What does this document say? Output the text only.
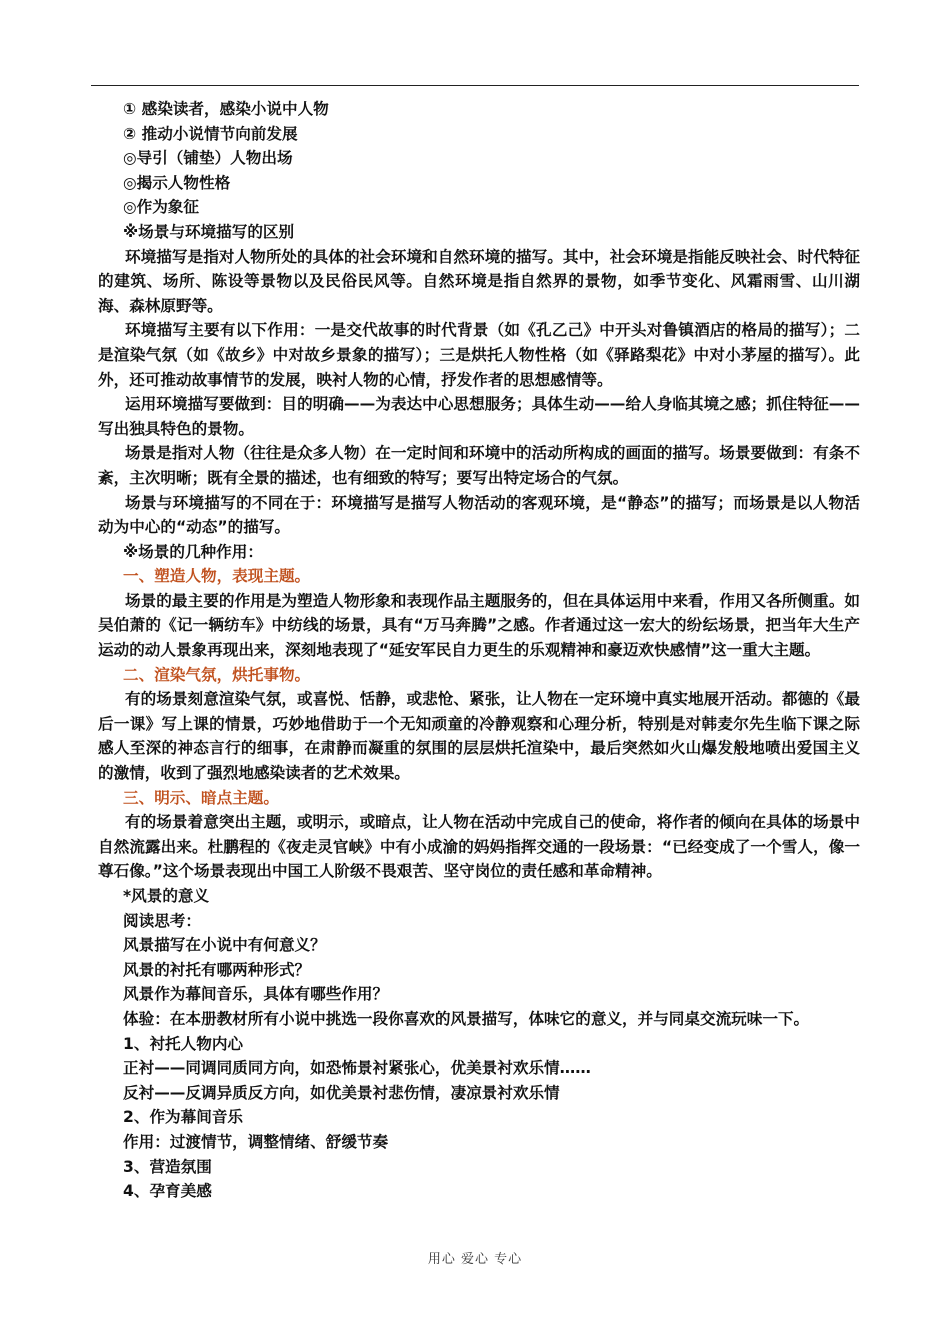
① 感染读者，感染小说中人物

② 推动小说情节向前发展

◎导引（铺垫）人物出场

◎揭示人物性格

◎作为象征

※场景与环境描写的区别

环境描写是指对人物所处的具体的社会环境和自然环境的描写。其中，社会环境是指能反映社会、时代特征的建筑、场所、陈设等景物以及民俗民风等。自然环境是指自然界的景物，如季节变化、风霜雨雪、山川湖海、森林原野等。

环境描写主要有以下作用：一是交代故事的时代背景（如《孔乙己》中开头对鲁镇酒店的格局的描写）；二是渲染气氛（如《故乡》中对故乡景象的描写）；三是烘托人物性格（如《驿路梨花》中对小茅屋的描写）。此外，还可推动故事情节的发展，映衬人物的心情，抒发作者的思想感情等。

运用环境描写要做到：目的明确——为表达中心思想服务；具体生动——给人身临其境之感；抓住特征——写出独具特色的景物。

场景是指对人物（往往是众多人物）在一定时间和环境中的活动所构成的画面的描写。场景要做到：有条不紊，主次明晰；既有全景的描述，也有细致的特写；要写出特定场合的气氛。

场景与环境描写的不同在于：环境描写是描写人物活动的客观环境，是“静态”的描写；而场景是以人物活动为中心的“动态”的描写。

※场景的几种作用：

一、塑造人物，表现主题。

场景的最主要的作用是为塑造人物形象和表现作品主题服务的，但在具体运用中来看，作用又各所侧重。如吴伯萧的《记一辆纺车》中纺线的场景，具有“万马奔腾”之感。作者通过这一宏大的纷纭场景，把当年大生产运动的动人景象再现出来，深刻地表现了“延安军民自力更生的乐观精神和豪迈欢快感情”这一重大主题。

二、渲染气氛，烘托事物。

有的场景刻意渲染气氛，或喜悦、恬静，或悲怆、紧张，让人物在一定环境中真实地展开活动。都德的《最后一课》写上课的情景，巧妙地借助于一个无知顽童的冷静观察和心理分析，特别是对韩麦尔先生临下课之际感人至深的神态言行的细事，在肃静而凝重的氛围的层层烘托渲染中，最后突然如火山爆发般地喷出爱国主义的激情，收到了强烈地感染读者的艺术效果。

三、明示、暗点主题。

有的场景着意突出主题，或明示，或暗点，让人物在活动中完成自己的使命，将作者的倾向在具体的场景中自然流露出来。杜鹏程的《夜走灵官峡》中有小成渝的妈妈指挥交通的一段场景：“已经变成了一个雪人，像一尊石像。”这个场景表现出中国工人阶级不畏艰苦、坚守岗位的责任感和革命精神。

*风景的意义

阅读思考：

风景描写在小说中有何意义？

风景的衬托有哪两种形式？

风景作为幕间音乐，具体有哪些作用？

体验：在本册教材所有小说中挑选一段你喜欢的风景描写，体味它的意义，并与同桌交流玩味一下。

1、衬托人物内心

正衬——同调同质同方向，如恐怖景衬紧张心，优美景衬欢乐情……

反衬——反调异质反方向，如优美景衬悲伤情，凄凉景衬欢乐情

2、作为幕间音乐

作用：过渡情节，调整情绪、舒缓节奏

3、营造氛围

4、孕育美感

用心 爱心 专心
